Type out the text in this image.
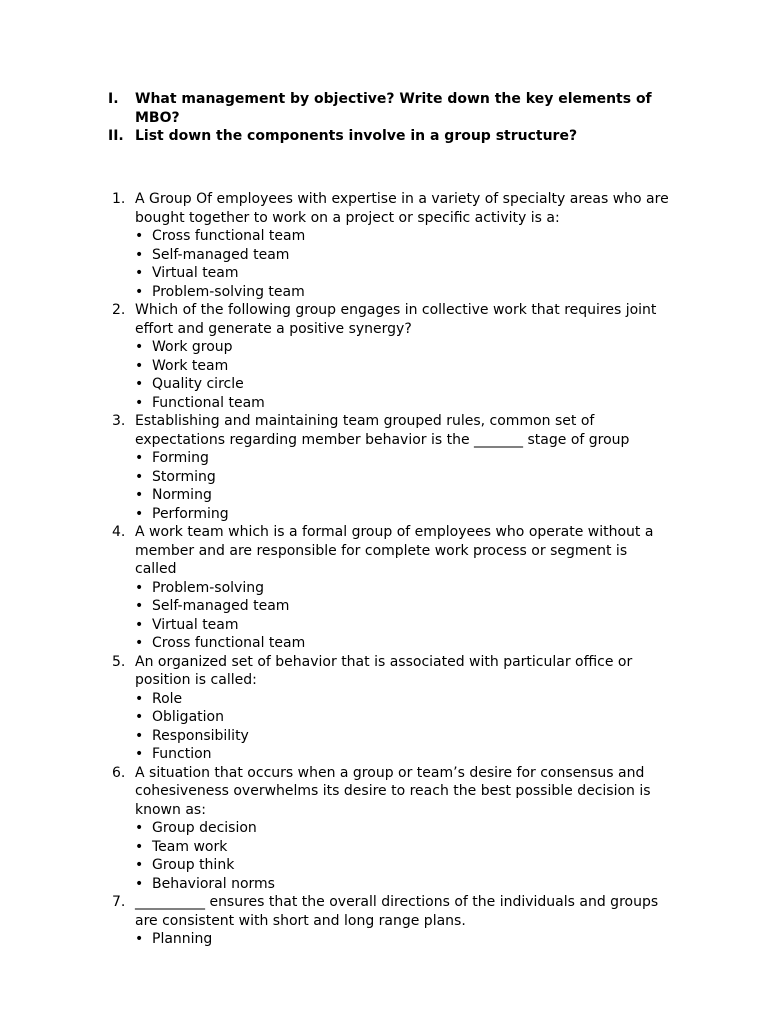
I.	What management by objective? Write down the key elements of MBO?
II. List down the components involve in a group structure?
1. A Group Of employees with expertise in a variety of specialty areas who are bought together to work on a project or specific activity is a:
• Cross functional team
• Self-managed team
• Virtual team
• Problem-solving team
2. Which of the following group engages in collective work that requires joint effort and generate a positive synergy?
• Work group
• Work team
• Quality circle
• Functional team
3. Establishing and maintaining team grouped rules, common set of expectations regarding member behavior is the _______ stage of group
• Forming
• Storming
• Norming
• Performing
4. A work team which is a formal group of employees who operate without a member and are responsible for complete work process or segment is called
• Problem-solving
• Self-managed team
• Virtual team
• Cross functional team
5. An organized set of behavior that is associated with particular office or position is called:
• Role
• Obligation
• Responsibility
• Function
6. A situation that occurs when a group or team’s desire for consensus and cohesiveness overwhelms its desire to reach the best possible decision is known as:
• Group decision
• Team work
• Group think
• Behavioral norms
7. __________ ensures that the overall directions of the individuals and groups are consistent with short and long range plans.
• Planning
